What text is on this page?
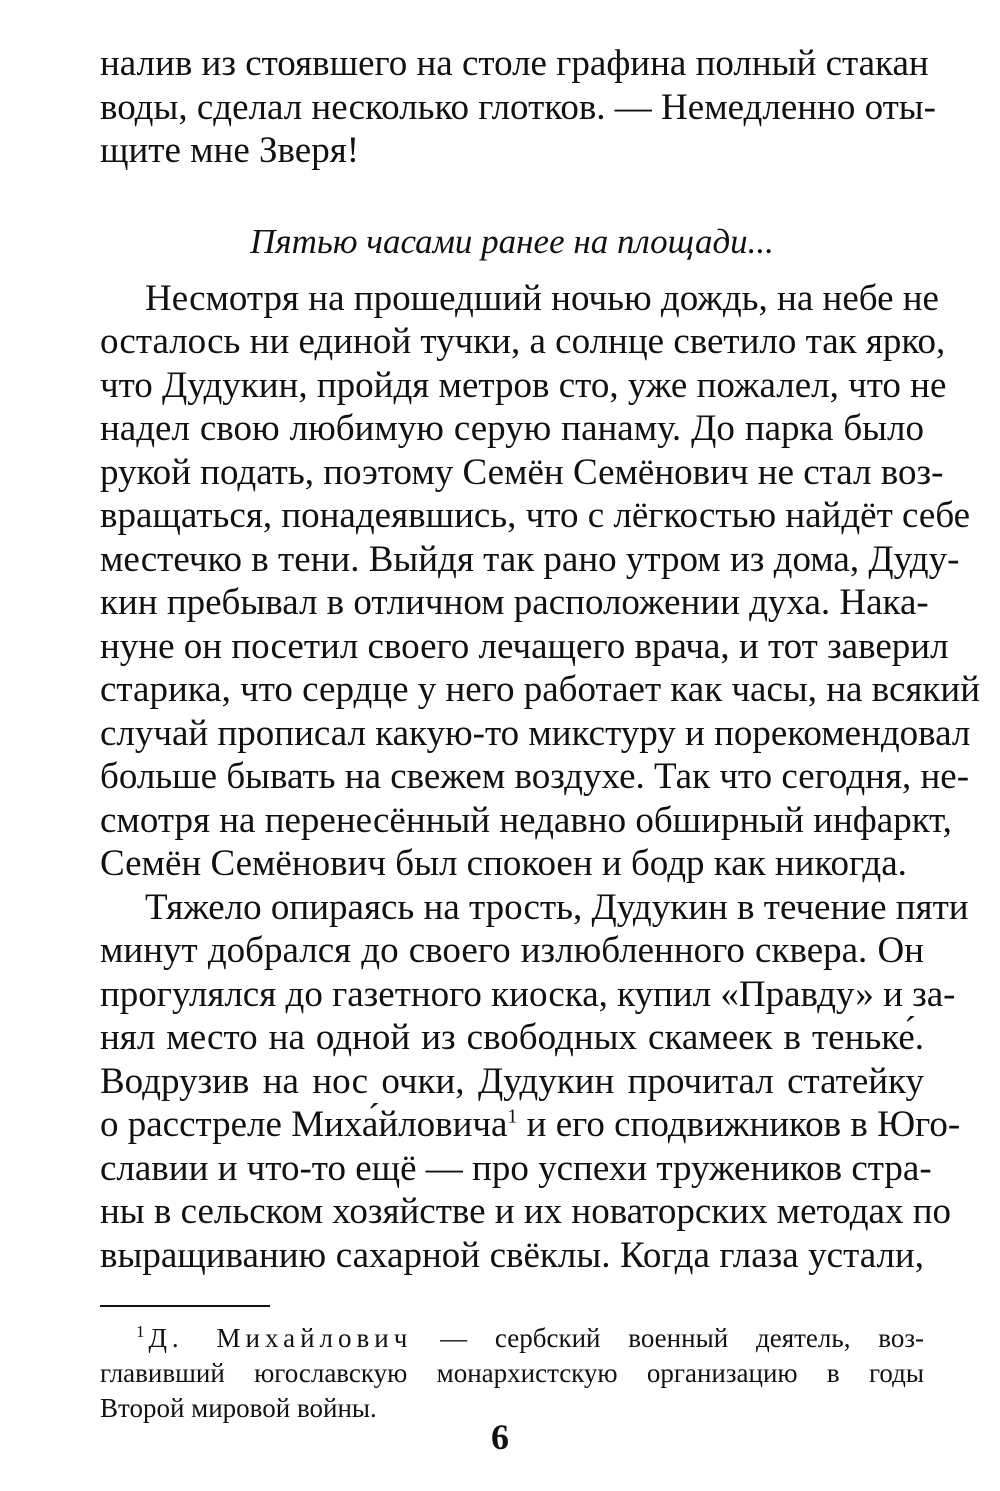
налив из стоявшего на столе графина полный стакан
воды, сделал несколько глотков. — Немедленно оты-
щите мне Зверя!
Пятью часами ранее на площади...
Несмотря на прошедший ночью дождь, на небе не
осталось ни единой тучки, а солнце светило так ярко,
что Дудукин, пройдя метров сто, уже пожалел, что не
надел свою любимую серую панаму. До парка было
рукой подать, поэтому Семён Семёнович не стал воз-
вращаться, понадеявшись, что с лёгкостью найдёт себе
местечко в тени. Выйдя так рано утром из дома, Дуду-
кин пребывал в отличном расположении духа. Нака-
нуне он посетил своего лечащего врача, и тот заверил
старика, что сердце у него работает как часы, на всякий
случай прописал какую-то микстуру и порекомендовал
больше бывать на свежем воздухе. Так что сегодня, не-
смотря на перенесённый недавно обширный инфаркт,
Семён Семёнович был спокоен и бодр как никогда.
Тяжело опираясь на трость, Дудукин в течение пяти
минут добрался до своего излюбленного сквера. Он
прогулялся до газетного киоска, купил «Правду» и за-
нял место на одной из свободных скамеек в теньке́.
Водрузив на нос очки, Дудукин прочитал статейку
о расстреле Миха́йловича$^1$ и его сподвижников в Юго-
славии и что-то ещё — про успехи тружеников стра-
ны в сельском хозяйстве и их новаторских методах по
выращиванию сахарной свёклы. Когда глаза устали,
$^1$ Д. Михайлович — сербский военный деятель, воз-
главивший югославскую монархистскую организацию в годы
Второй мировой войны.
6
